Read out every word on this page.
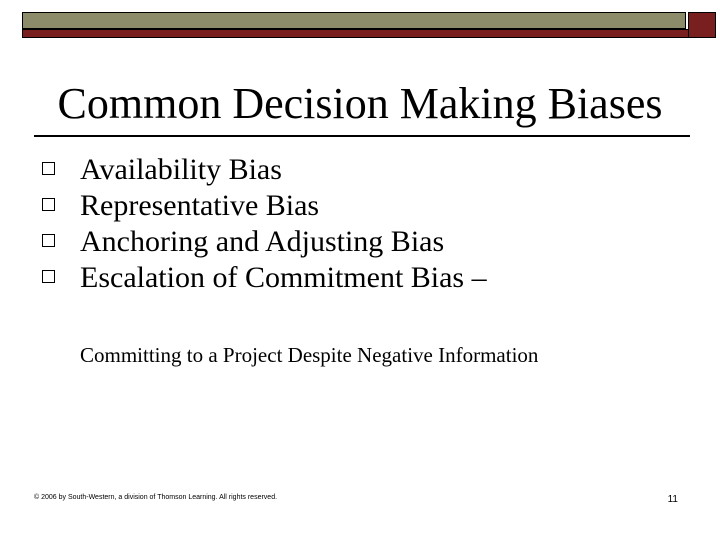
Common Decision Making Biases
Availability Bias
Representative Bias
Anchoring and Adjusting Bias
Escalation of Commitment Bias –
Committing to a Project Despite Negative Information
© 2006 by South-Western, a division of Thomson Learning. All rights reserved.	11
